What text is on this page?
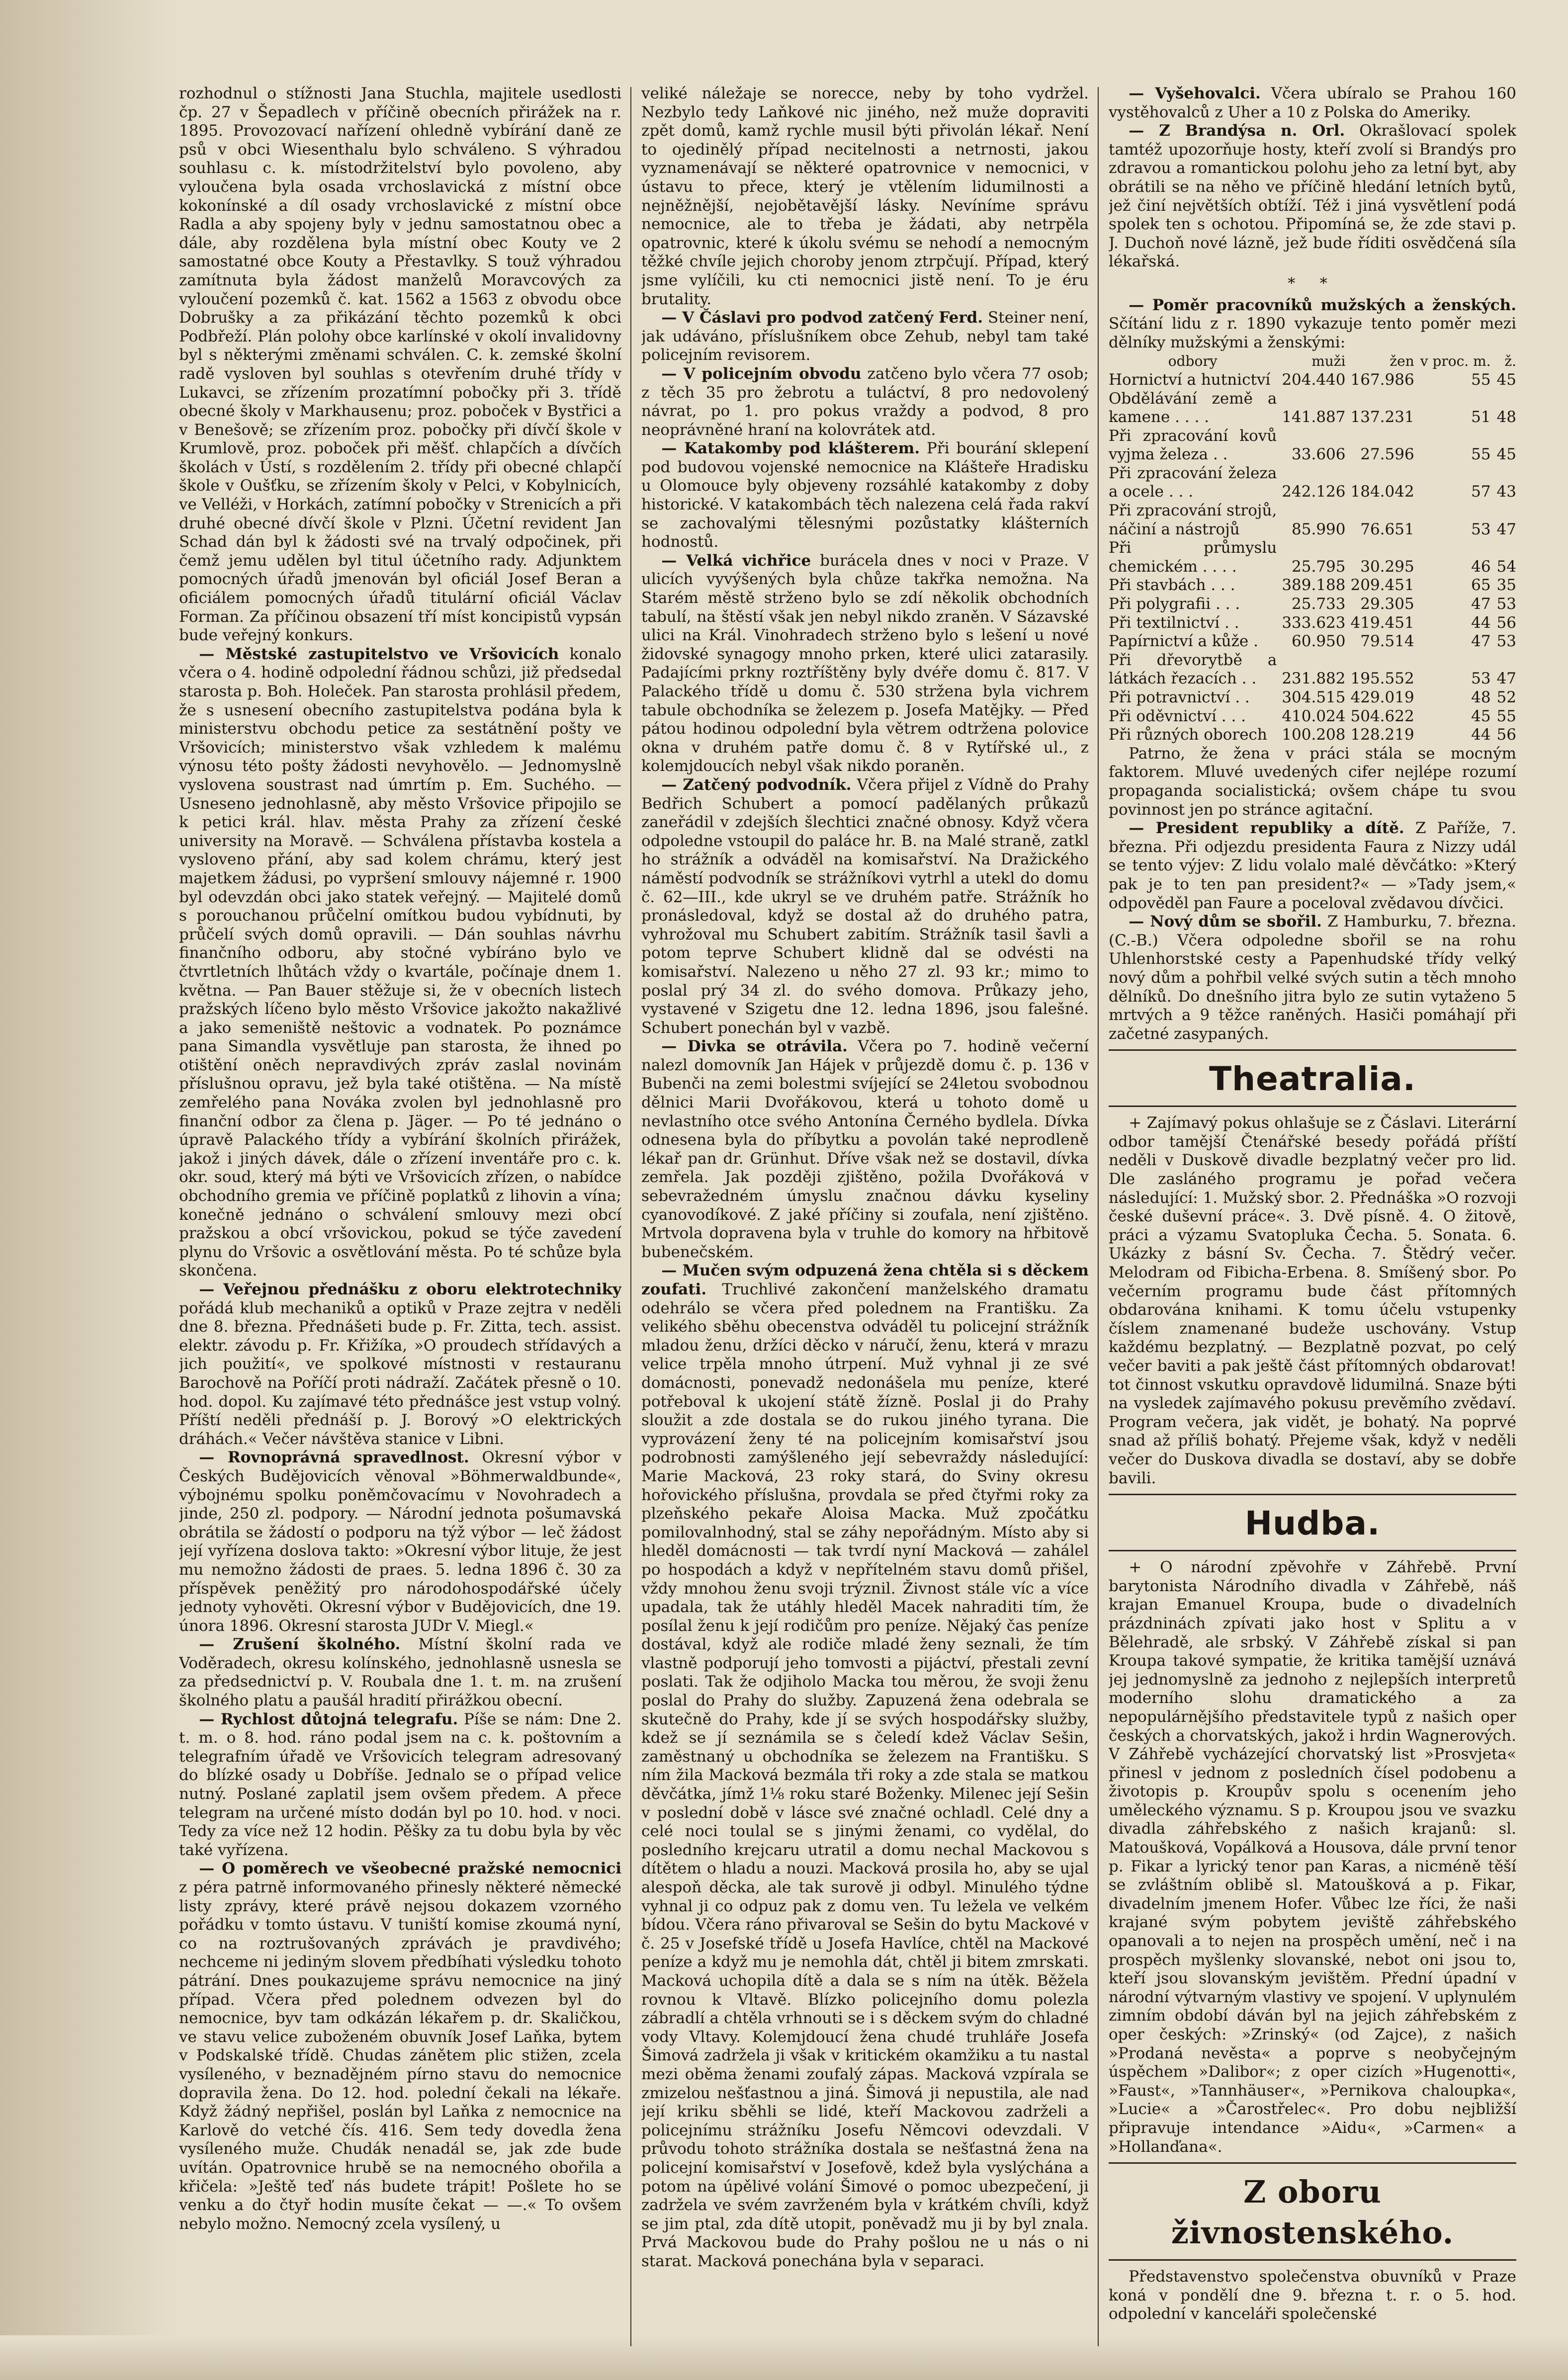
rozhodnul o stížnosti Jana Stuchla, majitele usedlosti čp. 27 v Šepadlech v příčině obecních přirážek na r. 1895. Provozovací nařízení ohledně vybírání daně ze psů v obci Wiesenthalu bylo schváleno. S výhradou souhlasu c. k. místodržitelství bylo povoleno, aby vyloučena byla osada vrchoslavická z místní obce kokonínské a díl osady vrchoslavické z místní obce Radla a aby spojeny byly v jednu samostatnou obec a dále, aby rozdělena byla místní obec Kouty ve 2 samostatné obce Kouty a Přestavlky. S touž výhradou zamítnuta byla žádost manželů Moravcových za vyloučení pozemků č. kat. 1562 a 1563 z obvodu obce Dobrušky a za přikázání těchto pozemků k obci Podbřeží. Plán polohy obce karlínské v okolí invalidovny byl s některými změnami schválen. C. k. zemské školní radě vysloven byl souhlas s otevřením druhé třídy v Lukavci, se zřízením prozatímní pobočky při 3. třídě obecné školy v Markhausenu; proz. poboček v Bystřici a v Benešově; se zřízením proz. pobočky při dívčí škole v Krumlově, proz. poboček při měšť. chlapčích a dívčích školách v Ústí, s rozdělením 2. třídy při obecné chlapčí škole v Oušťku, se zřízením školy v Pelci, v Kobylnicích, ve Velléži, v Horkách, zatímní pobočky v Strenicích a při druhé obecné dívčí škole v Plzni. Účetní revident Jan Schad dán byl k žádosti své na trvalý odpočinek, při čemž jemu udělen byl titul účetního rady. Adjunktem pomocných úřadů jmenován byl oficiál Josef Beran a oficiálem pomocných úřadů titulární oficiál Václav Forman. Za příčinou obsazení tří míst koncipistů vypsán bude veřejný konkurs.

— Městské zastupitelstvo ve Vršovicích konalo včera o 4. hodině odpolední řádnou schůzi, již předsedal starosta p. Boh. Holeček. Pan starosta prohlásil předem, že s usnesení obecního zastupitelstva podána byla k ministerstvu obchodu petice za sestátnění pošty ve Vršovicích; ministerstvo však vzhledem k malému výnosu této pošty žádosti nevyhovělo. — Jednomyslně vyslovena soustrast nad úmrtím p. Em. Suchého. — Usneseno jednohlasně, aby město Vršovice připojilo se k petici král. hlav. města Prahy za zřízení české university na Moravě. — Schválena přístavba kostela a vysloveno přání, aby sad kolem chrámu, který jest majetkem žádusi, po vypršení smlouvy nájemné r. 1900 byl odevzdán obci jako statek veřejný. — Majitelé domů s porouchanou průčelní omítkou budou vybídnuti, by průčelí svých domů opravili. — Dán souhlas návrhu finančního odboru, aby stočné vybíráno bylo ve čtvrtletních lhůtách vždy o kvartále, počínaje dnem 1. května. — Pan Bauer stěžuje si, že v obecních listech pražských líčeno bylo město Vršovice jakožto nakažlivé a jako semeniště neštovic a vodnatek. Po poznámce pana Simandla vysvětluje pan starosta, že ihned po otištění oněch nepravdivých zpráv zaslal novinám příslušnou opravu, jež byla také otištěna. — Na místě zemřelého pana Nováka zvolen byl jednohlasně pro finanční odbor za člena p. Jäger. — Po té jednáno o úpravě Palackého třídy a vybírání školních přirážek, jakož i jiných dávek, dále o zřízení inventáře pro c. k. okr. soud, který má býti ve Vršovicích zřízen, o nabídce obchodního gremia ve příčině poplatků z lihovin a vína; konečně jednáno o schválení smlouvy mezi obcí pražskou a obcí vršovickou, pokud se týče zavedení plynu do Vršovic a osvětlování města. Po té schůze byla skončena.

— Veřejnou přednášku z oboru elektrotechniky pořádá klub mechaniků a optiků v Praze zejtra v neděli dne 8. března. Přednášeti bude p. Fr. Zitta, tech. assist. elektr. závodu p. Fr. Křižíka, »O proudech střídavých a jich použití«, ve spolkové místnosti v restauranu Barochově na Poříčí proti nádraží. Začátek přesně o 10. hod. dopol. Ku zajímavé této přednášce jest vstup volný. Příští neděli přednáší p. J. Borový »O elektrických dráhách.« Večer návštěva stanice v Libni.

— Rovnoprávná spravedlnost. Okresní výbor v Českých Budějovicích věnoval »Böhmerwaldbunde«, výbojnému spolku poněmčovacímu v Novohradech a jinde, 250 zl. podpory. — Národní jednota pošumavská obrátila se žádostí o podporu na týž výbor — leč žádost její vyřízena doslova takto: »Okresní výbor lituje, že jest mu nemožno žádosti de praes. 5. ledna 1896 č. 30 za příspěvek peněžitý pro národohospodářské účely jednoty vyhověti. Okresní výbor v Budějovicích, dne 19. února 1896. Okresní starosta JUDr V. Miegl.«

— Zrušení školného. Místní školní rada ve Voděradech, okresu kolínského, jednohlasně usnesla se za předsednictví p. V. Roubala dne 1. t. m. na zrušení školného platu a paušál hradití přirážkou obecní.

— Rychlost důtojná telegrafu. Píše se nám: Dne 2. t. m. o 8. hod. ráno podal jsem na c. k. poštovním a telegrafním úřadě ve Vršovicích telegram adresovaný do blízké osady u Dobříše. Jednalo se o případ velice nutný. Poslané zaplatil jsem ovšem předem. A přece telegram na určené místo dodán byl po 10. hod. v noci. Tedy za více než 12 hodin. Pěšky za tu dobu byla by věc také vyřízena.

— O poměrech ve všeobecné pražské nemocnici z péra patrně informovaného přinesly některé německé listy zprávy, které právě nejsou dokazem vzorného pořádku v tomto ústavu. V tuniští komise zkoumá nyní, co na roztrušovaných zprávách je pravdivého; nechceme ni jediným slovem předbíhati výsledku tohoto pátrání. Dnes poukazujeme správu nemocnice na jiný případ. Včera před polednem odvezen byl do nemocnice, byv tam odkázán lékařem p. dr. Skaličkou, ve stavu velice zuboženém obuvník Josef Laňka, bytem v Podskalské třídě. Chudas zánětem plic stižen, zcela vysíleného, v beznadějném pírno stavu do nemocnice dopravila žena. Do 12. hod. polední čekali na lékaře. Když žádný nepřišel, poslán byl Laňka z nemocnice na Karlově do vetché čís. 416. Sem tedy dovedla žena vysíleného muže. Chudák nenadál se, jak zde bude uvítán. Opatrovnice hrubě se na nemocného obořila a křičela: »Ještě teď nás budete trápit! Pošlete ho se venku a do čtyř hodin musíte čekat — —.« To ovšem nebylo možno. Nemocný zcela vysílený, u

veliké náležaje se norecce, neby by toho vydržel. Nezbylo tedy Laňkové nic jiného, než muže dopraviti zpět domů, kamž rychle musil býti přivolán lékař. Není to ojedinělý případ necitelnosti a netrnosti, jakou vyznamenávají se některé opatrovnice v nemocnici, v ústavu to přece, který je vtělením lidumilnosti a nejněžnější, nejobětavější lásky. Nevíníme správu nemocnice, ale to třeba je žádati, aby netrpěla opatrovnic, které k úkolu svému se nehodí a nemocným těžké chvíle jejich choroby jenom ztrpčují. Případ, který jsme vylíčili, ku cti nemocnici jistě není. To je éru brutality.

— V Čáslavi pro podvod zatčený Ferd. Steiner není, jak udáváno, příslušníkem obce Zehub, nebyl tam také policejním revisorem.

— V policejním obvodu zatčeno bylo včera 77 osob; z těch 35 pro žebrotu a tuláctví, 8 pro nedovolený návrat, po 1. pro pokus vraždy a podvod, 8 pro neoprávněné hraní na kolovrátek atd.

— Katakomby pod klášterem. Při bourání sklepení pod budovou vojenské nemocnice na Klášteře Hradisku u Olomouce byly objeveny rozsáhlé katakomby z doby historické. V katakombách těch nalezena celá řada rakví se zachovalými tělesnými pozůstatky klášterních hodnostů.

— Velká vichřice burácela dnes v noci v Praze. V ulicích vyvýšených byla chůze takřka nemožna. Na Starém městě strženo bylo se zdí několik obchodních tabulí, na štěstí však jen nebyl nikdo zraněn. V Sázavské ulici na Král. Vinohradech strženo bylo s lešení u nové židovské synagogy mnoho prken, které ulici zatarasily. Padajícími prkny roztříštěny byly dvéře domu č. 817. V Palackého třídě u domu č. 530 stržena byla vichrem tabule obchodníka se železem p. Josefa Matějky. — Před pátou hodinou odpolední byla větrem odtržena polovice okna v druhém patře domu č. 8 v Rytířské ul., z kolemjdoucích nebyl však nikdo poraněn.

— Zatčený podvodník. Včera přijel z Vídně do Prahy Bedřich Schubert a pomocí padělaných průkazů zaneřádil v zdejších šlechtici značné obnosy. Když včera odpoledne vstoupil do paláce hr. B. na Malé straně, zatkl ho strážník a odváděl na komisařství. Na Dražického náměstí podvodník se strážníkovi vytrhl a utekl do domu č. 62—III., kde ukryl se ve druhém patře. Strážník ho pronásledoval, když se dostal až do druhého patra, vyhrožoval mu Schubert zabitím. Strážník tasil šavli a potom teprve Schubert klidně dal se odvésti na komisařství. Nalezeno u něho 27 zl. 93 kr.; mimo to poslal prý 34 zl. do svého domova. Průkazy jeho, vystavené v Szigetu dne 12. ledna 1896, jsou falešné. Schubert ponechán byl v vazbě.

— Divka se otrávila. Včera po 7. hodině večerní nalezl domovník Jan Hájek v průjezdě domu č. p. 136 v Bubenči na zemi bolestmi svíjející se 24letou svobodnou dělnici Marii Dvořákovou, která u tohoto domě u nevlastního otce svého Antonína Černého bydlela. Dívka odnesena byla do příbytku a povolán také neprodleně lékař pan dr. Grünhut. Dříve však než se dostavil, dívka zemřela. Jak později zjištěno, požila Dvořáková v sebevražedném úmyslu značnou dávku kyseliny cyanovodíkové. Z jaké příčiny si zoufala, není zjištěno. Mrtvola dopravena byla v truhle do komory na hřbitově bubenečském.

— Mučen svým odpuzená žena chtěla si s děckem zoufati. Truchlivé zakončení manželského dramatu odehrálo se včera před polednem na Františku. Za velikého sběhu obecenstva odváděl tu policejní strážník mladou ženu, držíci děcko v náručí, ženu, která v mrazu velice trpěla mnoho útrpení. Muž vyhnal ji ze své domácnosti, ponevadž nedonášela mu peníze, které potřeboval k ukojení státě žízně. Poslal ji do Prahy sloužit a zde dostala se do rukou jiného tyrana. Die vyprovázení ženy té na policejním komisařství jsou podrobnosti zamýšleného její sebevraždy následující: Marie Macková, 23 roky stará, do Sviny okresu hořovického příslušna, provdala se před čtyřmi roky za plzeňského pekaře Aloisa Macka. Muž zpočátku pomilovalnhodný, stal se záhy nepořádným. Místo aby si hleděl domácnosti — tak tvrdí nyní Macková — zahálel po hospodách a když v nepřítelném stavu domů přišel, vždy mnohou ženu svoji trýznil. Živnost stále víc a více upadala, tak že utáhly hleděl Macek nahraditi tím, že posílal ženu k její rodičům pro peníze. Nějaký čas peníze dostával, když ale rodiče mladé ženy seznali, že tím vlastně podporují jeho tomvosti a pijáctví, přestali zevní poslati. Tak že odjiholo Macka tou měrou, že svoji ženu poslal do Prahy do služby. Zapuzená žena odebrala se skutečně do Prahy, kde jí se svých hospodářsky služby, kdež se jí seznámila se s čeledí kdež Václav Sešin, zaměstnaný u obchodníka se železem na Františku. S ním žila Macková bezmála tři roky a zde stala se matkou děvčátka, jímž 1⅛ roku staré Boženky. Milenec její Sešin v poslední době v lásce své značné ochladl. Celé dny a celé noci toulal se s jinými ženami, co vydělal, do posledního krejcaru utratil a domu nechal Mackovou s dítětem o hladu a nouzi. Macková prosila ho, aby se ujal alespoň děcka, ale tak surově ji odbyl. Minulého týdne vyhnal ji co odpuz pak z domu ven. Tu ležela ve velkém bídou. Včera ráno přivaroval se Sešin do bytu Mackové v č. 25 v Josefské třídě u Josefa Havlíce, chtěl na Mackové peníze a když mu je nemohla dát, chtěl ji bitem zmrskati. Macková uchopila dítě a dala se s ním na útěk. Běžela rovnou k Vltavě. Blízko policejního domu polezla zábradlí a chtěla vrhnouti se i s děckem svým do chladné vody Vltavy. Kolemjdoucí žena chudé truhláře Josefa Šimová zadržela ji však v kritickém okamžiku a tu nastal mezi oběma ženami zoufalý zápas. Macková vzpírala se zmizelou nešťastnou a jiná. Šimová ji nepustila, ale nad její kriku sběhli se lidé, kteří Mackovou zadrželi a policejnímu strážníku Josefu Němcovi odevzdali. V průvodu tohoto strážníka dostala se nešťastná žena na policejní komisařství v Josefově, kdež byla vyslýchána a potom na úpělivé volání Šimové o pomoc ubezpečení, ji zadržela ve svém zavrženém byla v krátkém chvíli, když se jim ptal, zda dítě utopit, poněvadž mu ji by byl znala. Prvá Mackovou bude do Prahy pošlou ne u nás o ni starat. Macková ponechána byla v separaci.

— Vyšehovalci. Včera ubíralo se Prahou 160 vystěhovalců z Uher a 10 z Polska do Ameriky.

— Z Brandýsa n. Orl. Okrašlovací spolek tamtéž upozorňuje hosty, kteří zvolí si Brandýs pro zdravou a romantickou polohu jeho za letní byt, aby obrátili se na něho ve příčině hledání letních bytů, jež činí největších obtíží. Též i jiná vysvětlení podá spolek ten s ochotou. Připomíná se, že zde stavi p. J. Duchoň nové lázně, jež bude říditi osvědčená síla lékařská.

* *

— Poměr pracovníků mužských a ženských. Sčítání lidu z r. 1890 vykazuje tento poměr mezi dělníky mužskými a ženskými:

odbory	muži	žen	v proc. m.	ž.
Hornictví a hutnictví	204.440	167.986	55	45
Obdělávání země a kamene . . . .	141.887	137.231	51	48
Při zpracování kovů vyjma železa . .	33.606	27.596	55	45
Při zpracování železa a ocele . . .	242.126	184.042	57	43
Při zpracování strojů, náčiní a nástrojů	85.990	76.651	53	47
Při průmyslu chemickém . . . .	25.795	30.295	46	54
Při stavbách . . .	389.188	209.451	65	35
Při polygrafii . . .	25.733	29.305	47	53
Při textilnictví . .	333.623	419.451	44	56
Papírnictví a kůže .	60.950	79.514	47	53
Při dřevorytbě a látkách řezacích . .	231.882	195.552	53	47
Při potravnictví . .	304.515	429.019	48	52
Při oděvnictví . . .	410.024	504.622	45	55
Při různých oborech	100.208	128.219	44	56

Patrno, že žena v práci stála se mocným faktorem. Mluvé uvedených cifer nejlépe rozumí propaganda socialistická; ovšem chápe tu svou povinnost jen po stránce agitační.

— President republiky a dítě. Z Paříže, 7. března. Při odjezdu presidenta Faura z Nizzy udál se tento výjev: Z lidu volalo malé děvčátko: »Který pak je to ten pan president?« — »Tady jsem,« odpověděl pan Faure a poceloval zvědavou dívčici.

— Nový dům se sbořil. Z Hamburku, 7. března. (C.-B.) Včera odpoledne sbořil se na rohu Uhlenhorstské cesty a Papenhudské třídy velký nový dům a pohřbil velké svých sutin a těch mnoho dělníků. Do dnešního jitra bylo ze sutin vytaženo 5 mrtvých a 9 těžce raněných. Hasiči pomáhají při začetné zasypaných.

Theatralia.

+ Zajímavý pokus ohlašuje se z Čáslavi. Literární odbor tamější Čtenářské besedy pořádá příští neděli v Duskově divadle bezplatný večer pro lid. Dle zasláného programu je pořad večera následující: 1. Mužský sbor. 2. Přednáška »O rozvoji české duševní práce«. 3. Dvě písně. 4. O žitově, práci a výzamu Svatopluka Čecha. 5. Sonata. 6. Ukázky z básní Sv. Čecha. 7. Štědrý večer. Melodram od Fibicha-Erbena. 8. Smíšený sbor. Po večerním programu bude část přítomných obdarována knihami. K tomu účelu vstupenky číslem znamenané budeže uschovány. Vstup každému bezplatný. — Bezplatně pozvat, po celý večer baviti a pak ještě část přítomných obdarovat! tot činnost vskutku opravdově lidumilná. Snaze býti na vysledek zajímavého pokusu prevěmího zvědaví. Program večera, jak vidět, je bohatý. Na poprvé snad až příliš bohatý. Přejeme však, když v neděli večer do Duskova divadla se dostaví, aby se dobře bavili.

Hudba.

+ O národní zpěvohře v Záhřebě. První barytonista Národního divadla v Záhřebě, náš krajan Emanuel Kroupa, bude o divadelních prázdninách zpívati jako host v Splitu a v Bělehradě, ale srbský. V Záhřebě získal si pan Kroupa takové sympatie, že kritika tamější uznává jej jednomyslně za jednoho z nejlepších interpretů moderního slohu dramatického a za nepopulárnějšího představitele typů z našich oper českých a chorvatských, jakož i hrdin Wagnerových. V Záhřebě vycházející chorvatský list »Prosvjeta« přinesl v jednom z posledních čísel podobenu a životopis p. Kroupův spolu s ocenením jeho uměleckého významu. S p. Kroupou jsou ve svazku divadla záhřebského z našich krajanů: sl. Matoušková, Vopálková a Housova, dále první tenor p. Fikar a lyrický tenor pan Karas, a nicméně těší se zvláštním oblibě sl. Matoušková a p. Fikar, divadelním jmenem Hofer. Vůbec lze říci, že naši krajané svým pobytem jeviště záhřebského opanovali a to nejen na prospěch umění, neč i na prospěch myšlenky slovanské, nebot oni jsou to, kteří jsou slovanským jevištěm. Přední úpadní v národní výtvarným vlastivy ve spojení. V uplynulém zimním období dáván byl na jejich záhřebském z oper českých: »Zrinský« (od Zajce), z našich »Prodaná nevěsta« a poprve s neobyčejným úspěchem »Dalibor«; z oper cizích »Hugenotti«, »Faust«, »Tannhäuser«, »Pernikova chaloupka«, »Lucie« a »Čarostřelec«. Pro dobu nejbližší připravuje intendance »Aidu«, »Carmen« a »Hollanďana«.

Z oboru živnostenského.

Představenstvo společenstva obuvníků v Praze koná v pondělí dne 9. března t. r. o 5. hod. odpolední v kanceláři společenské
